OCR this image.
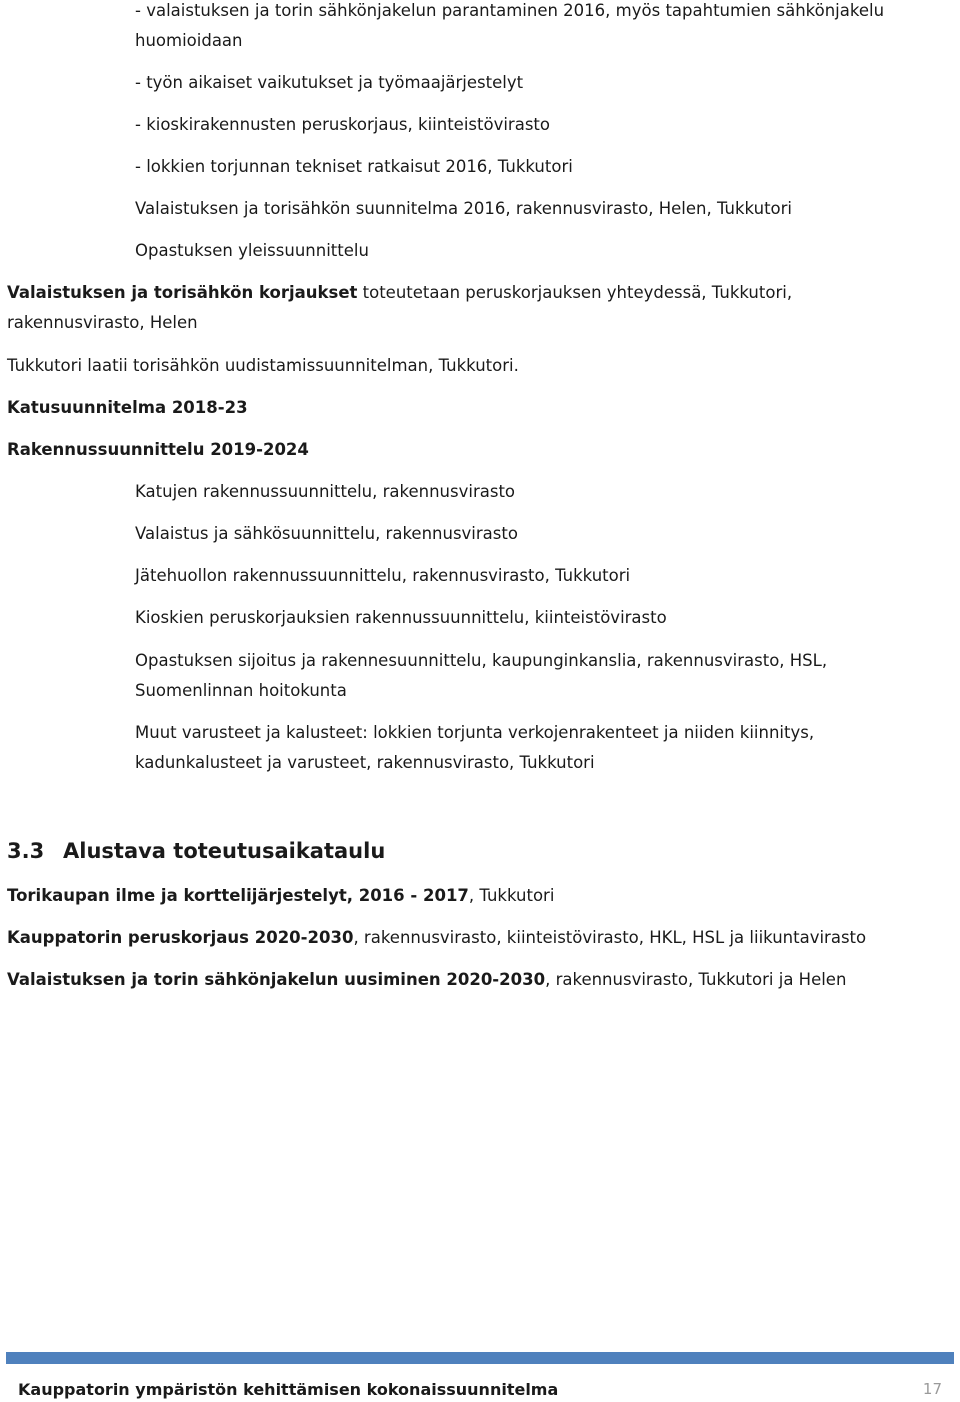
- valaistuksen ja torin sähkönjakelun parantaminen 2016, myös tapahtumien sähkönjakelu
huomioidaan
- työn aikaiset vaikutukset ja työmaajärjestelyt
- kioskirakennusten peruskorjaus, kiinteistövirasto
- lokkien torjunnan tekniset ratkaisut 2016, Tukkutori
Valaistuksen ja torisähkön suunnitelma 2016, rakennusvirasto, Helen, Tukkutori
Opastuksen yleissuunnittelu
Valaistuksen ja torisähkön korjaukset toteutetaan peruskorjauksen yhteydessä, Tukkutori,
rakennusvirasto, Helen
Tukkutori laatii torisähkön uudistamissuunnitelman, Tukkutori.
Katusuunnitelma 2018-23
Rakennussuunnittelu 2019-2024
Katujen rakennussuunnittelu, rakennusvirasto
Valaistus ja sähkösuunnittelu, rakennusvirasto
Jätehuollon rakennussuunnittelu, rakennusvirasto, Tukkutori
Kioskien peruskorjauksien rakennussuunnittelu, kiinteistövirasto
Opastuksen sijoitus ja rakennesuunnittelu, kaupunginkanslia, rakennusvirasto, HSL,
Suomenlinnan hoitokunta
Muut varusteet ja kalusteet: lokkien torjunta verkojenrakenteet ja niiden kiinnitys,
kadunkalusteet ja varusteet, rakennusvirasto, Tukkutori
3.3 Alustava toteutusaikataulu
Torikaupan ilme ja korttelijärjestelyt, 2016 - 2017, Tukkutori
Kauppatorin peruskorjaus 2020-2030, rakennusvirasto, kiinteistövirasto, HKL, HSL ja liikuntavirasto
Valaistuksen ja torin sähkönjakelun uusiminen 2020-2030, rakennusvirasto, Tukkutori ja Helen
Kauppatorin ympäristön kehittämisen kokonaissuunnitelma	17
